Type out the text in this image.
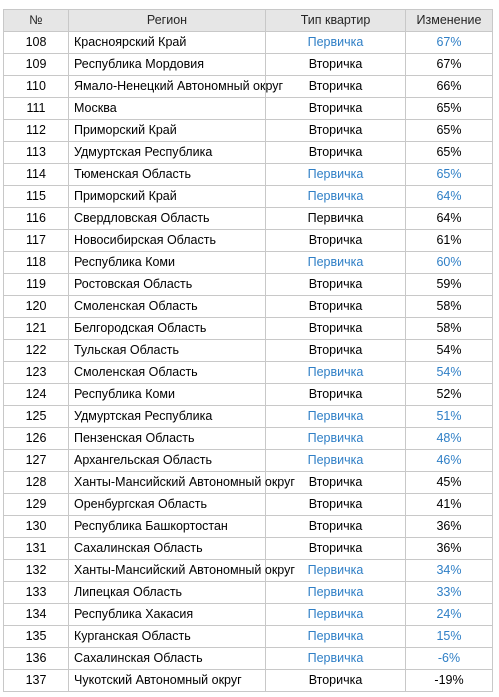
№	Регион	Тип квартир	Изменение
108	Красноярский Край	Первичка	67%
109	Республика Мордовия	Вторичка	67%
110	Ямало-Ненецкий Автономный округ	Вторичка	66%
111	Москва	Вторичка	65%
112	Приморский Край	Вторичка	65%
113	Удмуртская Республика	Вторичка	65%
114	Тюменская Область	Первичка	65%
115	Приморский Край	Первичка	64%
116	Свердловская Область	Первичка	64%
117	Новосибирская Область	Вторичка	61%
118	Республика Коми	Первичка	60%
119	Ростовская Область	Вторичка	59%
120	Смоленская Область	Вторичка	58%
121	Белгородская Область	Вторичка	58%
122	Тульская Область	Вторичка	54%
123	Смоленская Область	Первичка	54%
124	Республика Коми	Вторичка	52%
125	Удмуртская Республика	Первичка	51%
126	Пензенская Область	Первичка	48%
127	Архангельская Область	Первичка	46%
128	Ханты-Мансийский Автономный округ	Вторичка	45%
129	Оренбургская Область	Вторичка	41%
130	Республика Башкортостан	Вторичка	36%
131	Сахалинская Область	Вторичка	36%
132	Ханты-Мансийский Автономный округ	Первичка	34%
133	Липецкая Область	Первичка	33%
134	Республика Хакасия	Первичка	24%
135	Курганская Область	Первичка	15%
136	Сахалинская Область	Первичка	-6%
137	Чукотский Автономный округ	Вторичка	-19%
